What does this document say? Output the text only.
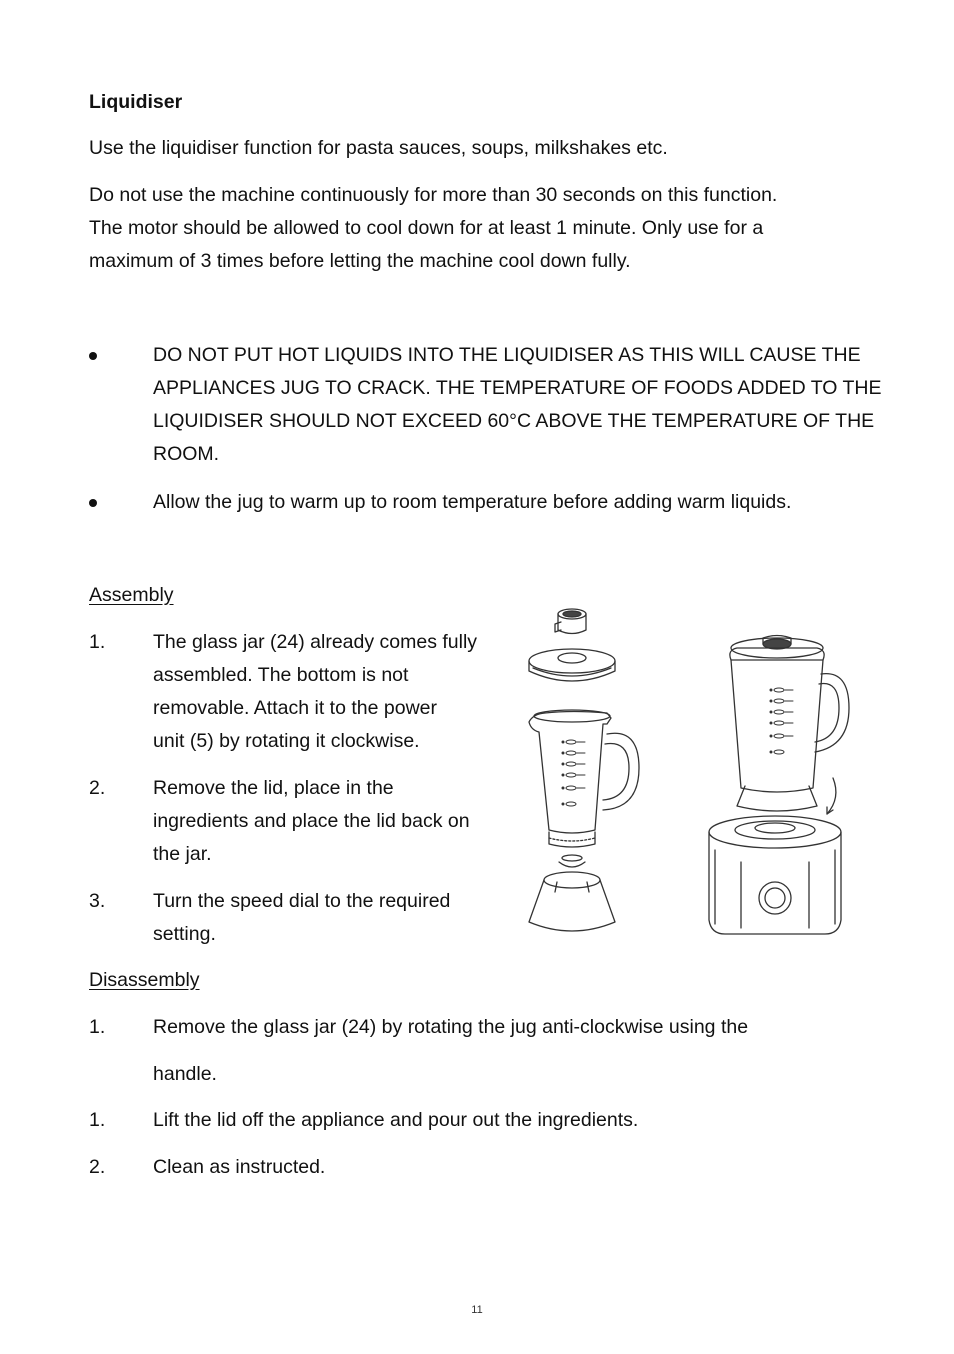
Liquidiser
Use the liquidiser function for pasta sauces, soups, milkshakes etc.
Do not use the machine continuously for more than 30 seconds on this function.
The motor should be allowed to cool down for at least 1 minute. Only use for a
maximum of 3 times before letting the machine cool down fully.
DO NOT PUT HOT LIQUIDS INTO THE LIQUIDISER AS THIS WILL CAUSE THE
APPLIANCES JUG TO CRACK. THE TEMPERATURE OF FOODS ADDED TO THE
LIQUIDISER SHOULD NOT EXCEED 60°C ABOVE THE TEMPERATURE OF THE
ROOM.
Allow the jug to warm up to room temperature before adding warm liquids.
Assembly
1.	The glass jar (24) already comes fully
assembled. The bottom is not
removable. Attach it to the power
unit (5) by rotating it clockwise.
2.	Remove the lid, place in the
ingredients and place the lid back on
the jar.
3.	Turn the speed dial to the required
setting.
Disassembly
1.	Remove the glass jar (24) by rotating the jug anti-clockwise using the
handle.
1.	Lift the lid off the appliance and pour out the ingredients.
2.	Clean as instructed.
11
